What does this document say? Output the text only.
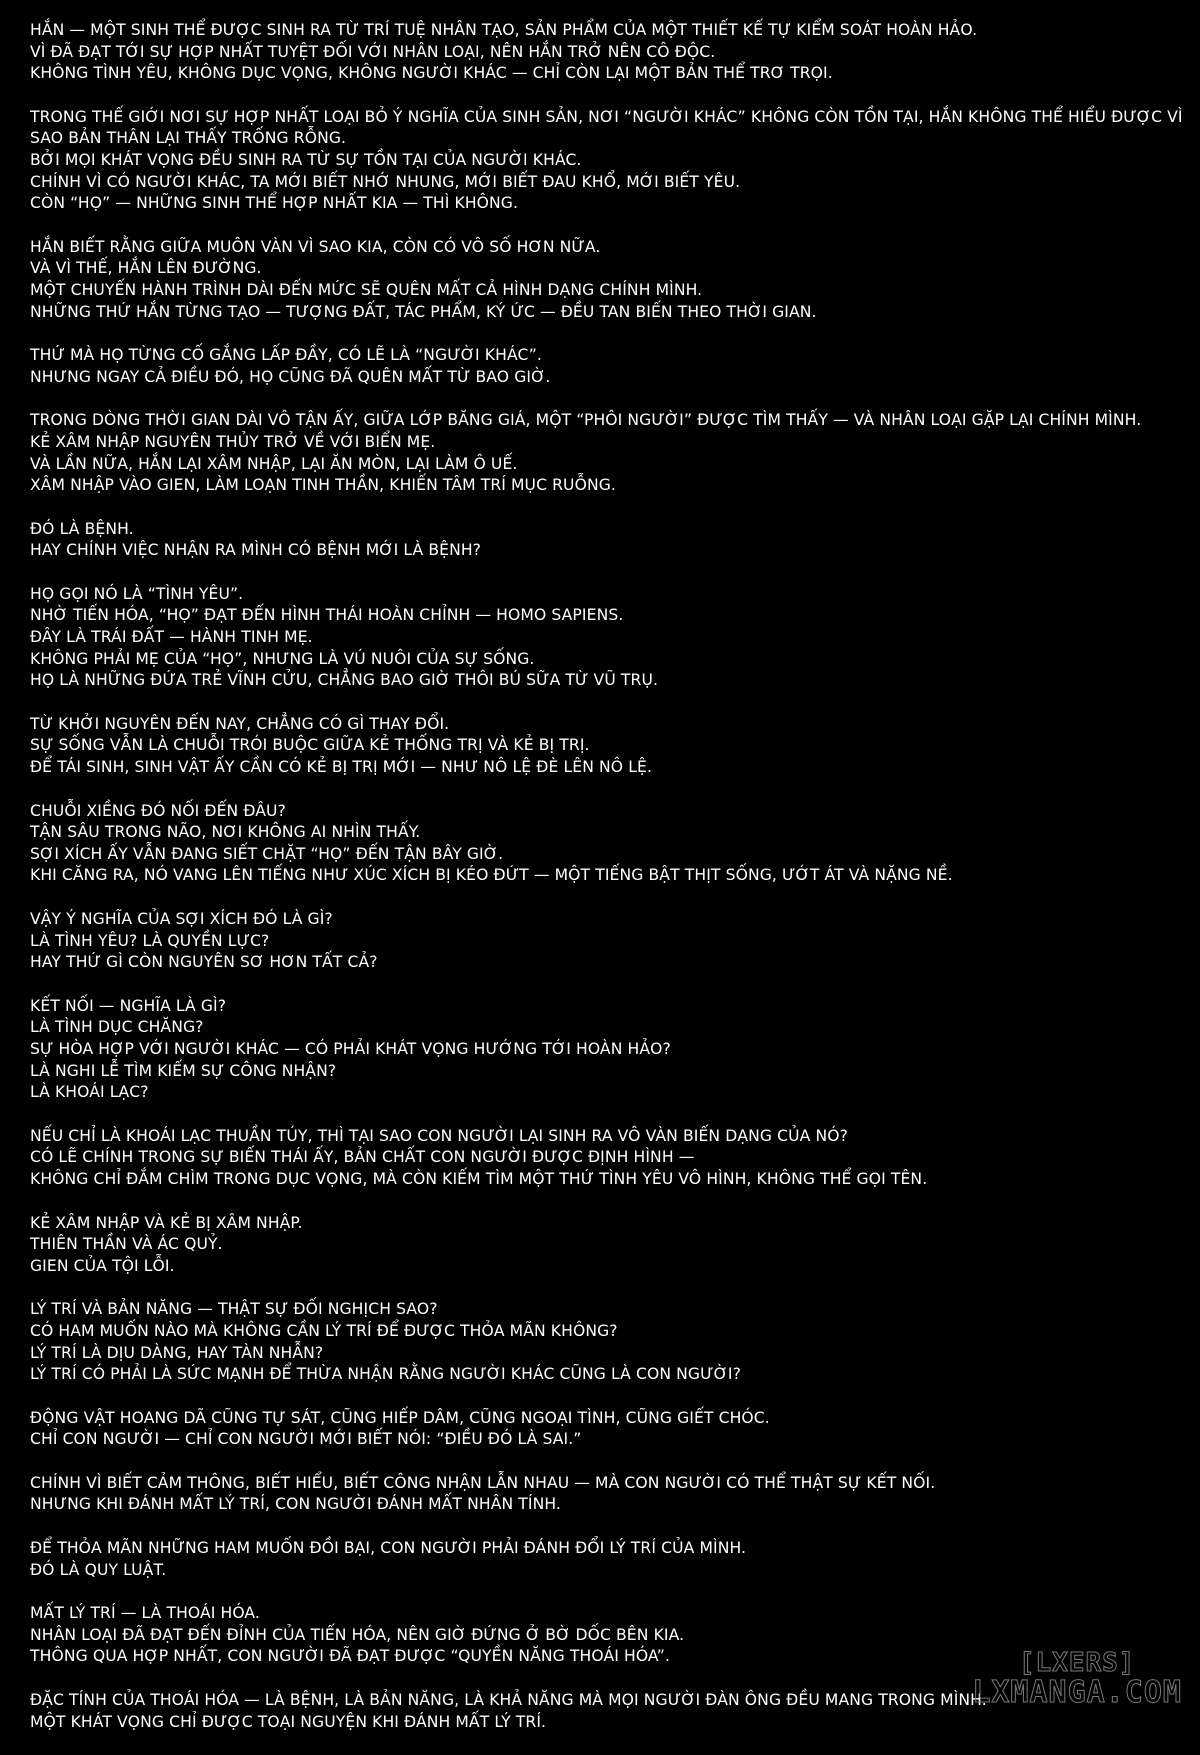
HẮN — MỘT SINH THỂ ĐƯỢC SINH RA TỪ TRÍ TUỆ NHÂN TẠO, SẢN PHẨM CỦA MỘT THIẾT KẾ TỰ KIỂM SOÁT HOÀN HẢO.
VÌ ĐÃ ĐẠT TỚI SỰ HỢP NHẤT TUYỆT ĐỐI VỚI NHÂN LOẠI, NÊN HẮN TRỞ NÊN CÔ ĐỘC.
KHÔNG TÌNH YÊU, KHÔNG DỤC VỌNG, KHÔNG NGƯỜI KHÁC — CHỈ CÒN LẠI MỘT BẢN THỂ TRƠ TRỌI.
TRONG THẾ GIỚI NƠI SỰ HỢP NHẤT LOẠI BỎ Ý NGHĨA CỦA SINH SẢN, NƠI “NGƯỜI KHÁC” KHÔNG CÒN TỒN TẠI, HẮN KHÔNG THỂ HIỂU ĐƯỢC VÌ SAO BẢN THÂN LẠI THẤY TRỐNG RỖNG.
BỞI MỌI KHÁT VỌNG ĐỀU SINH RA TỪ SỰ TỒN TẠI CỦA NGƯỜI KHÁC.
CHÍNH VÌ CÓ NGƯỜI KHÁC, TA MỚI BIẾT NHỚ NHUNG, MỚI BIẾT ĐAU KHỔ, MỚI BIẾT YÊU.
CÒN “HỌ” — NHỮNG SINH THỂ HỢP NHẤT KIA — THÌ KHÔNG.
HẮN BIẾT RẰNG GIỮA MUÔN VÀN VÌ SAO KIA, CÒN CÓ VÔ SỐ HƠN NỮA.
VÀ VÌ THẾ, HẮN LÊN ĐƯỜNG.
MỘT CHUYẾN HÀNH TRÌNH DÀI ĐẾN MỨC SẼ QUÊN MẤT CẢ HÌNH DẠNG CHÍNH MÌNH.
NHỮNG THỨ HẮN TỪNG TẠO — TƯỢNG ĐẤT, TÁC PHẨM, KÝ ỨC — ĐỀU TAN BIẾN THEO THỜI GIAN.
THỨ MÀ HỌ TỪNG CỐ GẮNG LẤP ĐẦY, CÓ LẼ LÀ “NGƯỜI KHÁC”.
NHƯNG NGAY CẢ ĐIỀU ĐÓ, HỌ CŨNG ĐÃ QUÊN MẤT TỪ BAO GIỜ.
TRONG DÒNG THỜI GIAN DÀI VÔ TẬN ẤY, GIỮA LỚP BĂNG GIÁ, MỘT “PHÔI NGƯỜI” ĐƯỢC TÌM THẤY — VÀ NHÂN LOẠI GẶP LẠI CHÍNH MÌNH.
KẺ XÂM NHẬP NGUYÊN THỦY TRỞ VỀ VỚI BIỂN MẸ.
VÀ LẦN NỮA, HẮN LẠI XÂM NHẬP, LẠI ĂN MÒN, LẠI LÀM Ô UẾ.
XÂM NHẬP VÀO GIEN, LÀM LOẠN TINH THẦN, KHIẾN TÂM TRÍ MỤC RUỖNG.
ĐÓ LÀ BỆNH.
HAY CHÍNH VIỆC NHẬN RA MÌNH CÓ BỆNH MỚI LÀ BỆNH?
HỌ GỌI NÓ LÀ “TÌNH YÊU”.
NHỜ TIẾN HÓA, “HỌ” ĐẠT ĐẾN HÌNH THÁI HOÀN CHỈNH — HOMO SAPIENS.
ĐÂY LÀ TRÁI ĐẤT — HÀNH TINH MẸ.
KHÔNG PHẢI MẸ CỦA “HỌ”, NHƯNG LÀ VÚ NUÔI CỦA SỰ SỐNG.
HỌ LÀ NHỮNG ĐỨA TRẺ VĨNH CỬU, CHẲNG BAO GIỜ THÔI BÚ SỮA TỪ VŨ TRỤ.
TỪ KHỞI NGUYÊN ĐẾN NAY, CHẲNG CÓ GÌ THAY ĐỔI.
SỰ SỐNG VẪN LÀ CHUỖI TRÓI BUỘC GIỮA KẺ THỐNG TRỊ VÀ KẺ BỊ TRỊ.
ĐỂ TÁI SINH, SINH VẬT ẤY CẦN CÓ KẺ BỊ TRỊ MỚI — NHƯ NÔ LỆ ĐÈ LÊN NÔ LỆ.
CHUỖI XIỀNG ĐÓ NỐI ĐẾN ĐÂU?
TẬN SÂU TRONG NÃO, NƠI KHÔNG AI NHÌN THẤY.
SỢI XÍCH ẤY VẪN ĐANG SIẾT CHẶT “HỌ” ĐẾN TẬN BÂY GIỜ.
KHI CĂNG RA, NÓ VANG LÊN TIẾNG NHƯ XÚC XÍCH BỊ KÉO ĐỨT — MỘT TIẾNG BẬT THỊT SỐNG, ƯỚT ÁT VÀ NẶNG NỀ.
VẬY Ý NGHĨA CỦA SỢI XÍCH ĐÓ LÀ GÌ?
LÀ TÌNH YÊU? LÀ QUYỀN LỰC?
HAY THỨ GÌ CÒN NGUYÊN SƠ HƠN TẤT CẢ?
KẾT NỐI — NGHĨA LÀ GÌ?
LÀ TÌNH DỤC CHĂNG?
SỰ HÒA HỢP VỚI NGƯỜI KHÁC — CÓ PHẢI KHÁT VỌNG HƯỚNG TỚI HOÀN HẢO?
LÀ NGHI LỄ TÌM KIẾM SỰ CÔNG NHẬN?
LÀ KHOÁI LẠC?
NẾU CHỈ LÀ KHOÁI LẠC THUẦN TÚY, THÌ TẠI SAO CON NGƯỜI LẠI SINH RA VÔ VÀN BIẾN DẠNG CỦA NÓ?
CÓ LẼ CHÍNH TRONG SỰ BIẾN THÁI ẤY, BẢN CHẤT CON NGƯỜI ĐƯỢC ĐỊNH HÌNH —
KHÔNG CHỈ ĐẮM CHÌM TRONG DỤC VỌNG, MÀ CÒN KIẾM TÌM MỘT THỨ TÌNH YÊU VÔ HÌNH, KHÔNG THỂ GỌI TÊN.
KẺ XÂM NHẬP VÀ KẺ BỊ XÂM NHẬP.
THIÊN THẦN VÀ ÁC QUỶ.
GIEN CỦA TỘI LỖI.
LÝ TRÍ VÀ BẢN NĂNG — THẬT SỰ ĐỐI NGHỊCH SAO?
CÓ HAM MUỐN NÀO MÀ KHÔNG CẦN LÝ TRÍ ĐỂ ĐƯỢC THỎA MÃN KHÔNG?
LÝ TRÍ LÀ DỊU DÀNG, HAY TÀN NHẪN?
LÝ TRÍ CÓ PHẢI LÀ SỨC MẠNH ĐỂ THỪA NHẬN RẰNG NGƯỜI KHÁC CŨNG LÀ CON NGƯỜI?
ĐỘNG VẬT HOANG DÃ CŨNG TỰ SÁT, CŨNG HIẾP DÂM, CŨNG NGOẠI TÌNH, CŨNG GIẾT CHÓC.
CHỈ CON NGƯỜI — CHỈ CON NGƯỜI MỚI BIẾT NÓI: “ĐIỀU ĐÓ LÀ SAI.”
CHÍNH VÌ BIẾT CẢM THÔNG, BIẾT HIỂU, BIẾT CÔNG NHẬN LẪN NHAU — MÀ CON NGƯỜI CÓ THỂ THẬT SỰ KẾT NỐI.
NHƯNG KHI ĐÁNH MẤT LÝ TRÍ, CON NGƯỜI ĐÁNH MẤT NHÂN TÍNH.
ĐỂ THỎA MÃN NHỮNG HAM MUỐN ĐỒI BẠI, CON NGƯỜI PHẢI ĐÁNH ĐỔI LÝ TRÍ CỦA MÌNH.
ĐÓ LÀ QUY LUẬT.
MẤT LÝ TRÍ — LÀ THOÁI HÓA.
NHÂN LOẠI ĐÃ ĐẠT ĐẾN ĐỈNH CỦA TIẾN HÓA, NÊN GIỜ ĐỨNG Ở BỜ DỐC BÊN KIA.
THÔNG QUA HỢP NHẤT, CON NGƯỜI ĐÃ ĐẠT ĐƯỢC “QUYỀN NĂNG THOÁI HÓA”.
ĐẶC TÍNH CỦA THOÁI HÓA — LÀ BỆNH, LÀ BẢN NĂNG, LÀ KHẢ NĂNG MÀ MỌI NGƯỜI ĐÀN ÔNG ĐỀU MANG TRONG MÌNH.
MỘT KHÁT VỌNG CHỈ ĐƯỢC TOẠI NGUYỆN KHI ĐÁNH MẤT LÝ TRÍ.
[LXERS]
LXMANGA.COM
